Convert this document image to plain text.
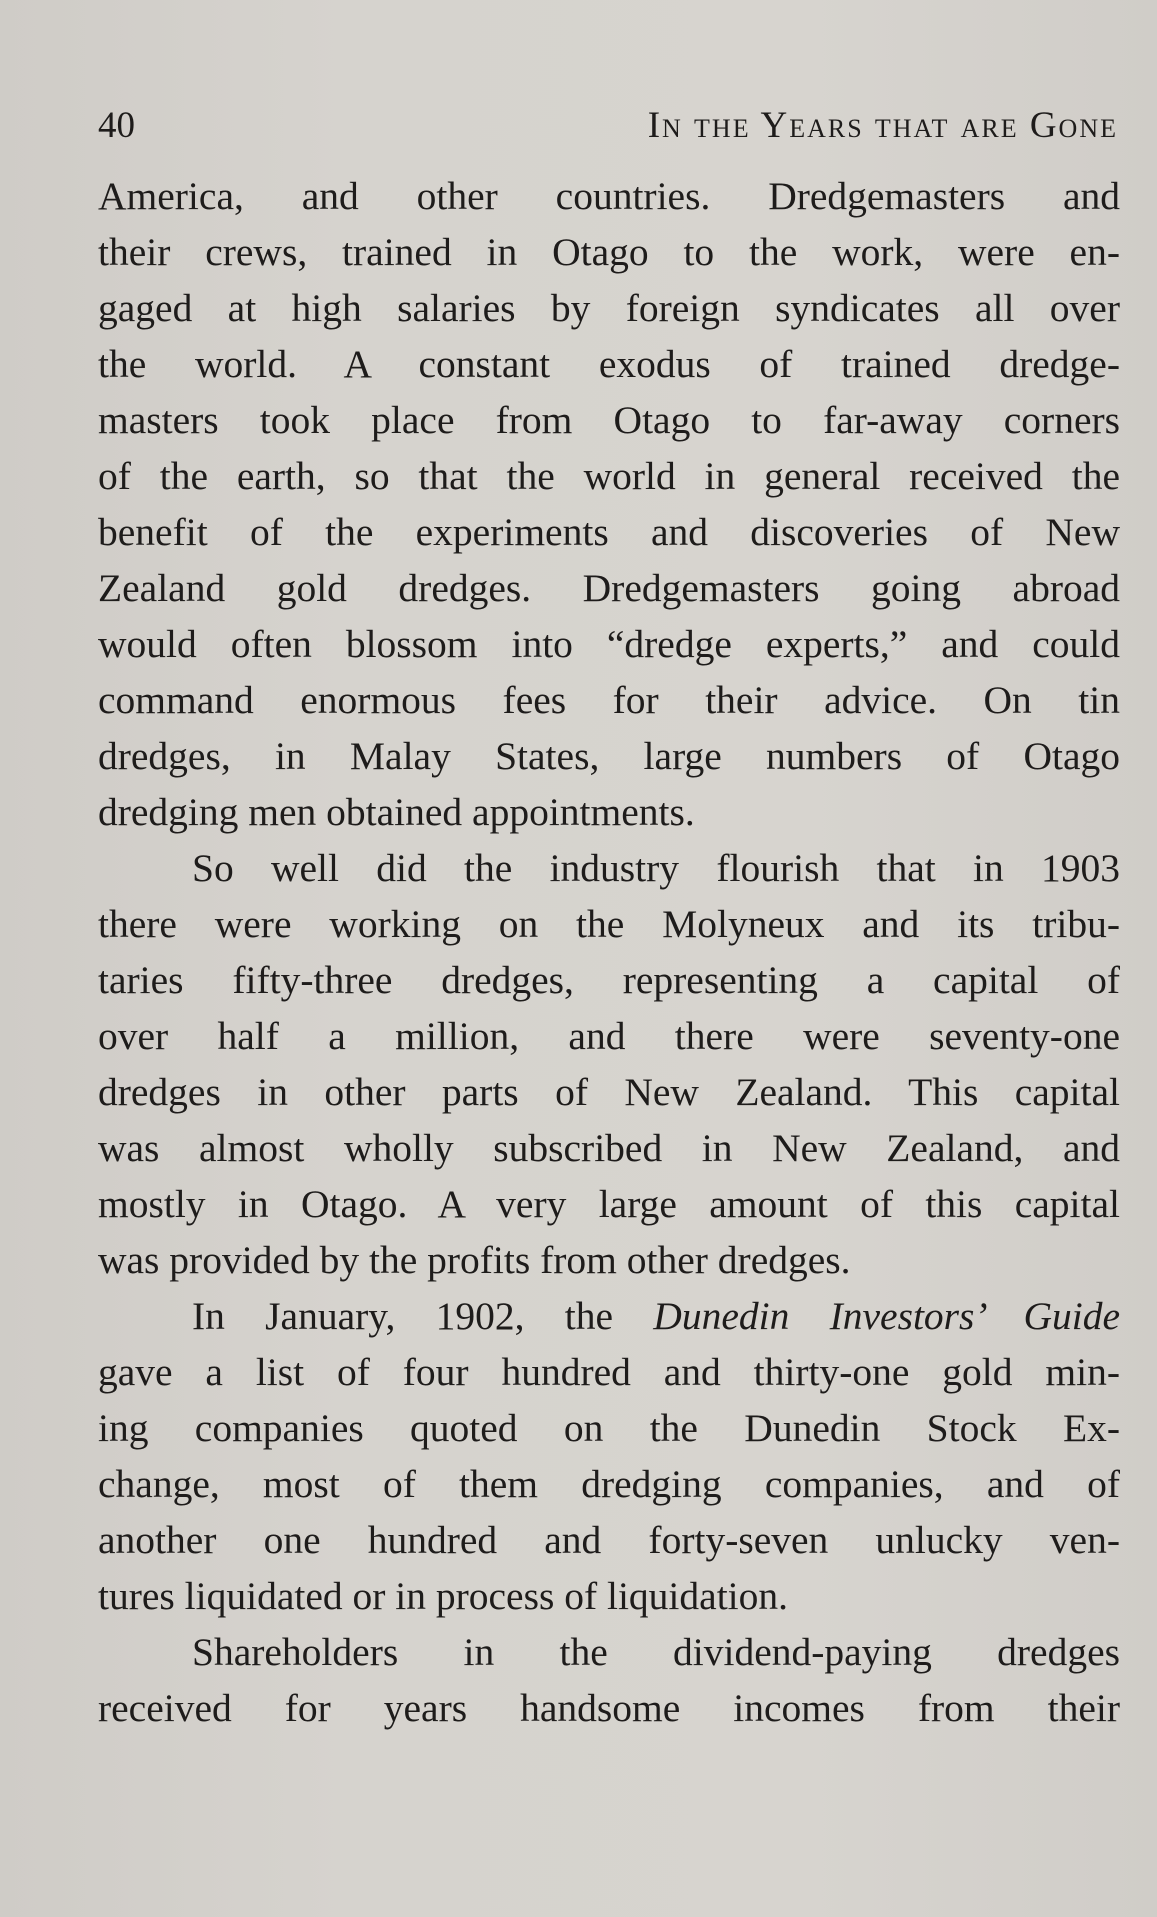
40	In the Years that are Gone
America, and other countries. Dredgemasters and
their crews, trained in Otago to the work, were en-
gaged at high salaries by foreign syndicates all over
the world. A constant exodus of trained dredge-
masters took place from Otago to far-away corners
of the earth, so that the world in general received the
benefit of the experiments and discoveries of New
Zealand gold dredges. Dredgemasters going abroad
would often blossom into “dredge experts,” and could
command enormous fees for their advice. On tin
dredges, in Malay States, large numbers of Otago
dredging men obtained appointments.
So well did the industry flourish that in 1903
there were working on the Molyneux and its tribu-
taries fifty-three dredges, representing a capital of
over half a million, and there were seventy-one
dredges in other parts of New Zealand. This capital
was almost wholly subscribed in New Zealand, and
mostly in Otago. A very large amount of this capital
was provided by the profits from other dredges.
In January, 1902, the Dunedin Investors’ Guide
gave a list of four hundred and thirty-one gold min-
ing companies quoted on the Dunedin Stock Ex-
change, most of them dredging companies, and of
another one hundred and forty-seven unlucky ven-
tures liquidated or in process of liquidation.
Shareholders in the dividend-paying dredges
received for years handsome incomes from their
